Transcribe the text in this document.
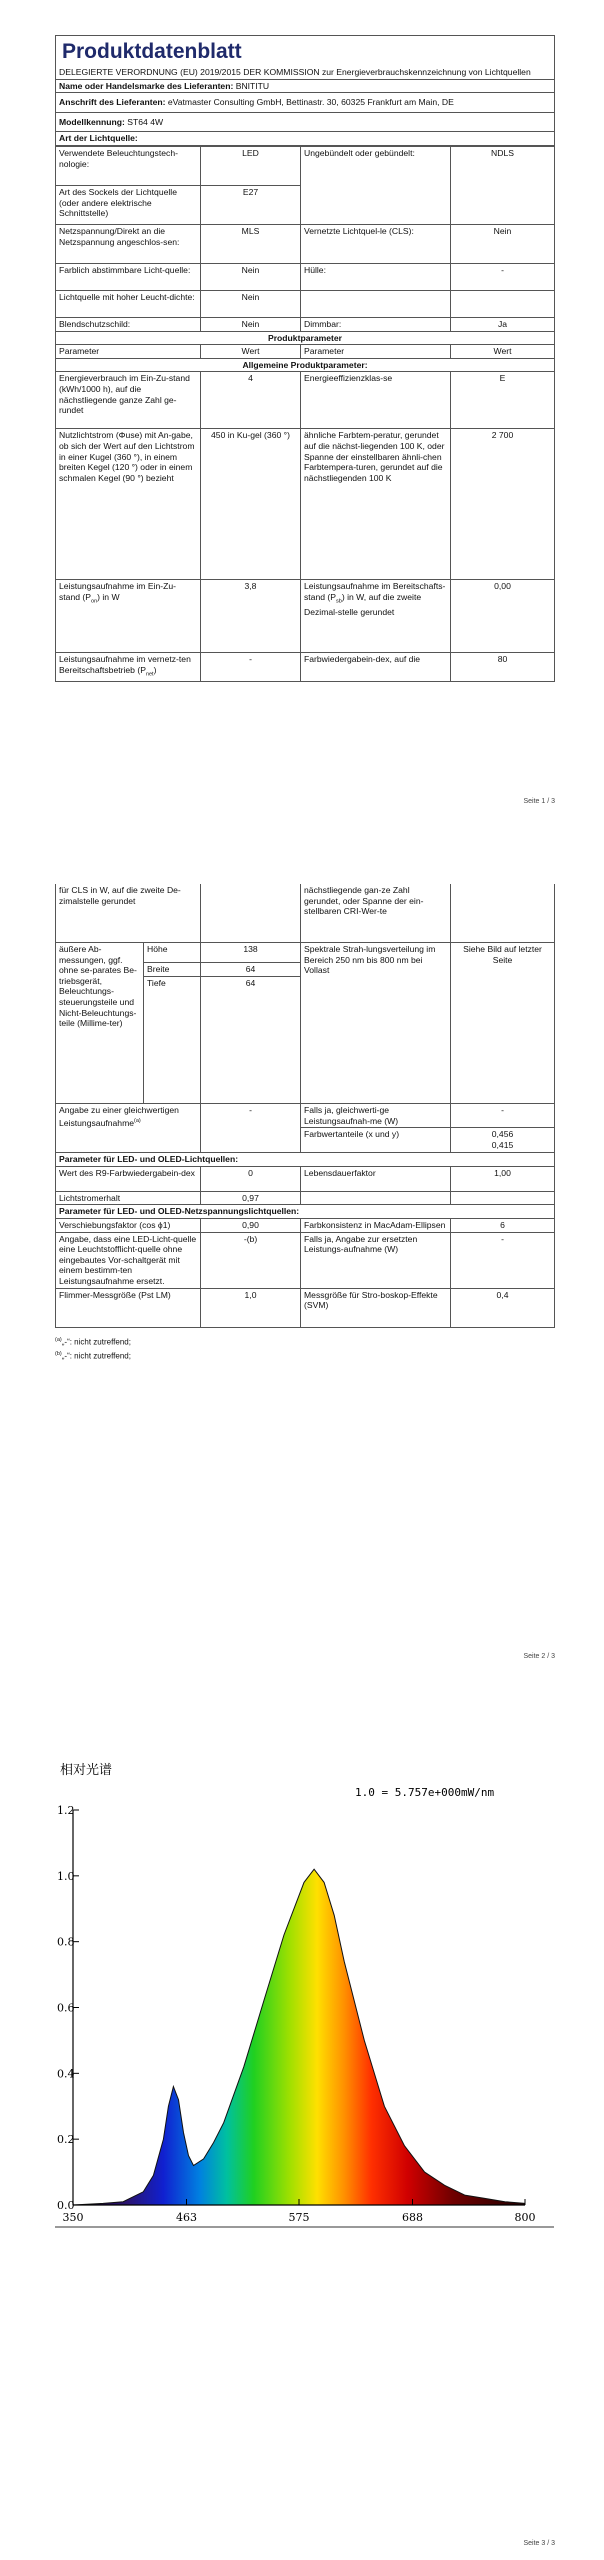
Produktdatenblatt

DELEGIERTE VERORDNUNG (EU) 2019/2015 DER KOMMISSION zur Energieverbrauchskennzeichnung von Lichtquellen
Name oder Handelsmarke des Lieferanten: BNITITU
Anschrift des Lieferanten: eVatmaster Consulting GmbH, Bettinastr. 30, 60325 Frankfurt am Main, DE
Modellkennung: ST64 4W
Art der Lichtquelle:
Verwendete Beleuchtungstech-nologie:	LED	Ungebündelt oder gebündelt:	NDLS
Art des Sockels der Lichtquelle (oder andere elektrische Schnittstelle)	E27		
Netzspannung/Direkt an die Netzspannung angeschlos-sen:	MLS	Vernetzte Lichtquel-le (CLS):	Nein
Farblich abstimmbare Licht-quelle:	Nein	Hülle:	-
Lichtquelle mit hoher Leucht-dichte:	Nein		
Blendschutzschild:	Nein	Dimmbar:	Ja
Produktparameter			
Parameter	Wert	Parameter	Wert
Allgemeine Produktparameter:			
Energieverbrauch im Ein-Zu-stand (kWh/1000 h), auf die nächstliegende ganze Zahl ge-rundet	4	Energieeffizienzklas-se	E
Nutzlichtstrom (Φuse) mit An-gabe, ob sich der Wert auf den Lichtstrom in einer Kugel (360 °), in einem breiten Kegel (120 °) oder in einem schmalen Kegel (90 °) bezieht	450 in Ku-gel (360 °)	ähnliche Farbtem-peratur, gerundet auf die nächst-liegenden 100 K, oder Spanne der einstellbaren ähnli-chen Farbtempera-turen, gerundet auf die nächstliegenden 100 K	2 700
Leistungsaufnahme im Ein-Zu-stand $(P_{on})$ in W	3,8	Leistungsaufnahme im Bereitschafts-stand $(P_{sb})$ in W, auf die zweite Dezimal-stelle gerundet	0,00
Leistungsaufnahme im vernetz-ten Bereitschaftsbetrieb $(P_{net})$	-	Farbwiedergabein-dex, auf die	80
Seite 1 / 3
für CLS in W, auf die zweite De-zimalstelle gerundet			nächstliegende gan-ze Zahl gerundet, oder Spanne der ein-stellbaren CRI-Wer-te	
äußere Ab-messungen, ggf. ohne se-parates Be-triebsgerät, Beleuchtungs-steuerungsteile und Nicht-Beleuchtungs-teile (Millime-ter)	Höhe	138	Spektrale Strah-lungsverteilung im Bereich 250 nm bis 800 nm bei Vollast	Siehe Bild auf letzter Seite
	Breite	64		
	Tiefe	64		
Angabe zu einer gleichwertigen Leistungsaufnahme$^{(a)}$		-	Falls ja, gleichwerti-ge Leistungsaufnah-me (W)	-
			Farbwertanteile (x und y)	0,456
0,415

Parameter für LED- und OLED-Lichtquellen:				
Wert des R9-Farbwiedergabein-dex		0	Lebensdauerfaktor	1,00
Lichtstromerhalt		0,97		
Parameter für LED- und OLED-Netzspannungslichtquellen:				
Verschiebungsfaktor (cos ϕ1)		0,90	Farbkonsistenz in MacAdam-Ellipsen	6
Angabe, dass eine LED-Licht-quelle eine Leuchtstofflicht-quelle ohne eingebautes Vor-schaltgerät mit einem bestimm-ten Leistungsaufnahme ersetzt.		-(b)	Falls ja, Angabe zur ersetzten Leistungs-aufnahme (W)	-
Flimmer-Messgröße (Pst LM)		1,0	Messgröße für Stro-boskop-Effekte (SVM)	0,4
$^{(a)}$„-“: nicht zutreffend;
$^{(b)}$„-“: nicht zutreffend;
Seite 2 / 3
相对光谱
1.0 = 5.757e+000mW/nm
0.0
0.2
0.4
0.6
0.8
1.0
1.2
350	463	575	688	800
Seite 3 / 3
